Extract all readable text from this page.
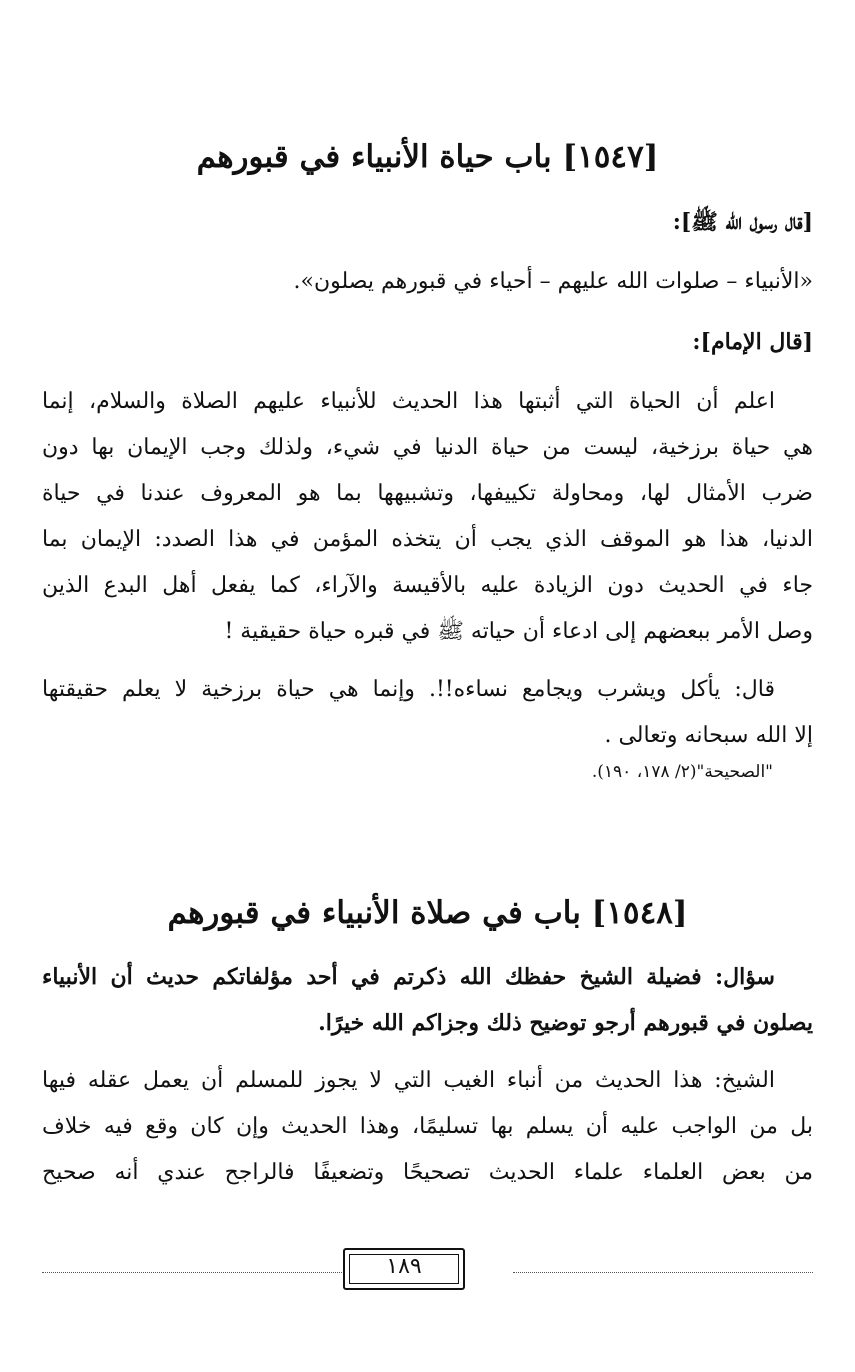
[١٥٤٧] باب حياة الأنبياء في قبورهم
[قال رسول الله ﷺ]:
«الأنبياء – صلوات الله عليهم – أحياء في قبورهم يصلون».
[قال الإمام]:
اعلم أن الحياة التي أثبتها هذا الحديث للأنبياء عليهم الصلاة والسلام، إنما
هي حياة برزخية، ليست من حياة الدنيا في شيء، ولذلك وجب الإيمان بها دون
ضرب الأمثال لها، ومحاولة تكييفها، وتشبيهها بما هو المعروف عندنا في حياة
الدنيا، هذا هو الموقف الذي يجب أن يتخذه المؤمن في هذا الصدد: الإيمان بما
جاء في الحديث دون الزيادة عليه بالأقيسة والآراء، كما يفعل أهل البدع الذين
وصل الأمر ببعضهم إلى ادعاء أن حياته ﷺ في قبره حياة حقيقية !
قال: يأكل ويشرب ويجامع نساءه!!. وإنما هي حياة برزخية لا يعلم حقيقتها
إلا الله سبحانه وتعالى .
"الصحيحة"(٢/ ١٧٨، ١٩٠).
[١٥٤٨] باب في صلاة الأنبياء في قبورهم
سؤال: فضيلة الشيخ حفظك الله ذكرتم في أحد مؤلفاتكم حديث أن الأنبياء
يصلون في قبورهم أرجو توضيح ذلك وجزاكم الله خيرًا.
الشيخ: هذا الحديث من أنباء الغيب التي لا يجوز للمسلم أن يعمل عقله فيها
بل من الواجب عليه أن يسلم بها تسليمًا، وهذا الحديث وإن كان وقع فيه خلاف
من بعض العلماء علماء الحديث تصحيحًا وتضعيفًا فالراجح عندي أنه صحيح
١٨٩
